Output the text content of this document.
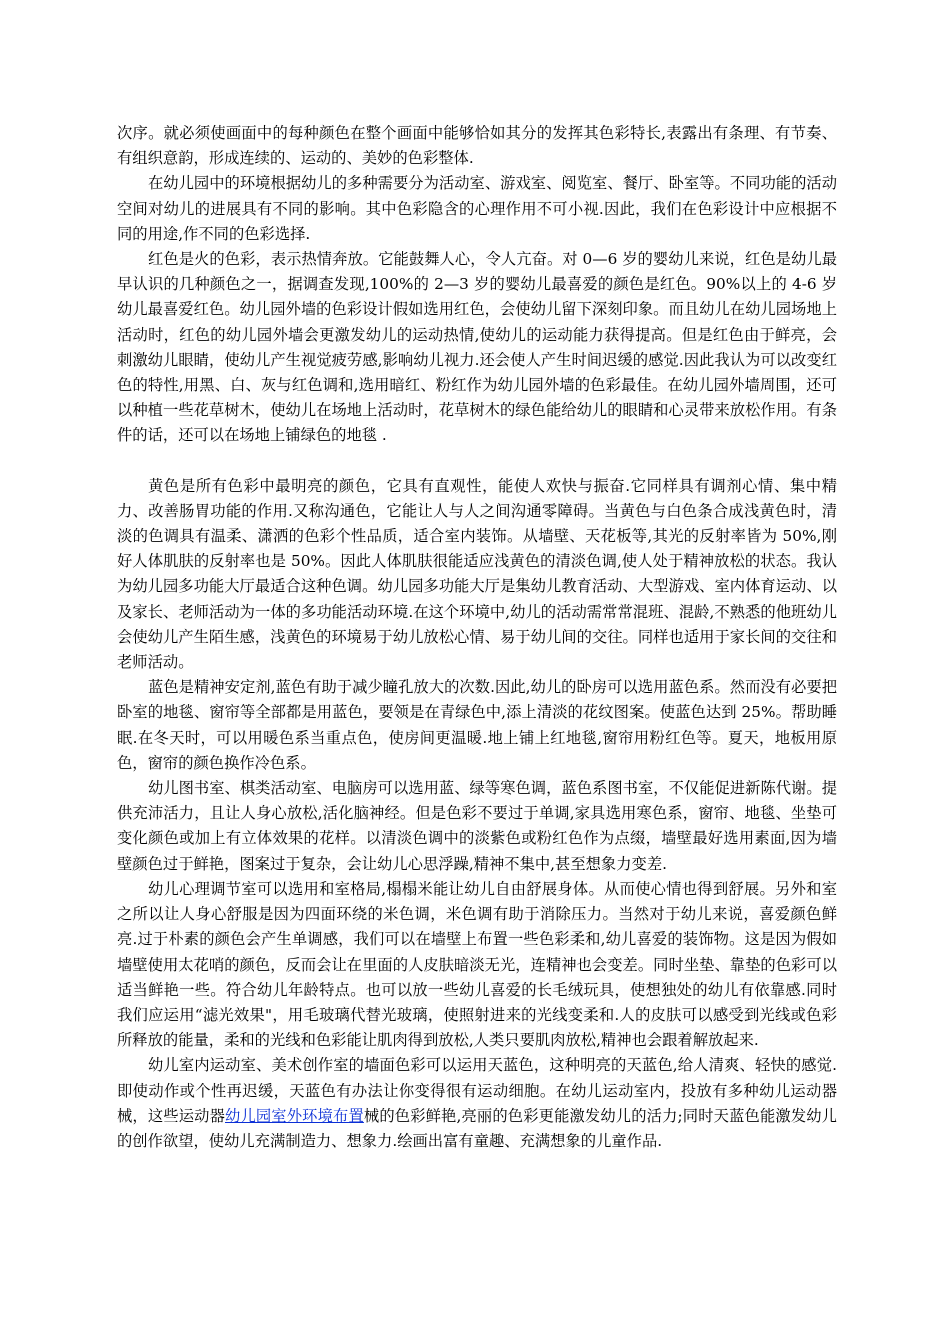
次序。就必须使画面中的每种颜色在整个画面中能够恰如其分的发挥其色彩特长,表露出有条理、有节奏、有组织意韵，形成连续的、运动的、美妙的色彩整体.

在幼儿园中的环境根据幼儿的多种需要分为活动室、游戏室、阅览室、餐厅、卧室等。不同功能的活动空间对幼儿的进展具有不同的影响。其中色彩隐含的心理作用不可小视.因此，我们在色彩设计中应根据不同的用途,作不同的色彩选择.

红色是火的色彩，表示热情奔放。它能鼓舞人心，令人亢奋。对 0—6 岁的婴幼儿来说，红色是幼儿最早认识的几种颜色之一，据调查发现,100%的 2—3 岁的婴幼儿最喜爱的颜色是红色。90%以上的 4-6 岁幼儿最喜爱红色。幼儿园外墙的色彩设计假如选用红色，会使幼儿留下深刻印象。而且幼儿在幼儿园场地上活动时，红色的幼儿园外墙会更激发幼儿的运动热情,使幼儿的运动能力获得提高。但是红色由于鲜亮，会刺激幼儿眼睛，使幼儿产生视觉疲劳感,影响幼儿视力.还会使人产生时间迟缓的感觉.因此我认为可以改变红色的特性,用黑、白、灰与红色调和,选用暗红、粉红作为幼儿园外墙的色彩最佳。在幼儿园外墙周围，还可以种植一些花草树木，使幼儿在场地上活动时，花草树木的绿色能给幼儿的眼睛和心灵带来放松作用。有条件的话，还可以在场地上铺绿色的地毯 .

黄色是所有色彩中最明亮的颜色，它具有直观性，能使人欢快与振奋.它同样具有调剂心情、集中精力、改善肠胃功能的作用.又称沟通色，它能让人与人之间沟通零障碍。当黄色与白色条合成浅黄色时，清淡的色调具有温柔、潇洒的色彩个性品质，适合室内装饰。从墙壁、天花板等,其光的反射率皆为 50%,刚好人体肌肤的反射率也是 50%。因此人体肌肤很能适应浅黄色的清淡色调,使人处于精神放松的状态。我认为幼儿园多功能大厅最适合这种色调。幼儿园多功能大厅是集幼儿教育活动、大型游戏、室内体育运动、以及家长、老师活动为一体的多功能活动环境.在这个环境中,幼儿的活动需常常混班、混龄,不熟悉的他班幼儿会使幼儿产生陌生感，浅黄色的环境易于幼儿放松心情、易于幼儿间的交往。同样也适用于家长间的交往和老师活动。

蓝色是精神安定剂,蓝色有助于减少瞳孔放大的次数.因此,幼儿的卧房可以选用蓝色系。然而没有必要把卧室的地毯、窗帘等全部都是用蓝色，要领是在青绿色中,添上清淡的花纹图案。使蓝色达到 25%。帮助睡眠.在冬天时，可以用暖色系当重点色，使房间更温暖.地上铺上红地毯,窗帘用粉红色等。夏天，地板用原色，窗帘的颜色换作冷色系。

幼儿图书室、棋类活动室、电脑房可以选用蓝、绿等寒色调，蓝色系图书室，不仅能促进新陈代谢。提供充沛活力，且让人身心放松,活化脑神经。但是色彩不要过于单调,家具选用寒色系，窗帘、地毯、坐垫可变化颜色或加上有立体效果的花样。以清淡色调中的淡紫色或粉红色作为点缀，墙壁最好选用素面,因为墙壁颜色过于鲜艳，图案过于复杂，会让幼儿心思浮躁,精神不集中,甚至想象力变差.

幼儿心理调节室可以选用和室格局,榻榻米能让幼儿自由舒展身体。从而使心情也得到舒展。另外和室之所以让人身心舒服是因为四面环绕的米色调，米色调有助于消除压力。当然对于幼儿来说，喜爱颜色鲜亮.过于朴素的颜色会产生单调感，我们可以在墙壁上布置一些色彩柔和,幼儿喜爱的装饰物。这是因为假如墙壁使用太花哨的颜色，反而会让在里面的人皮肤暗淡无光，连精神也会变差。同时坐垫、靠垫的色彩可以适当鲜艳一些。符合幼儿年龄特点。也可以放一些幼儿喜爱的长毛绒玩具，使想独处的幼儿有依靠感.同时我们应运用“滤光效果"，用毛玻璃代替光玻璃，使照射进来的光线变柔和.人的皮肤可以感受到光线或色彩所释放的能量，柔和的光线和色彩能让肌肉得到放松,人类只要肌肉放松,精神也会跟着解放起来.

幼儿室内运动室、美术创作室的墙面色彩可以运用天蓝色，这种明亮的天蓝色,给人清爽、轻快的感觉.即使动作或个性再迟缓，天蓝色有办法让你变得很有运动细胞。在幼儿运动室内，投放有多种幼儿运动器械，这些运动器幼儿园室外环境布置械的色彩鲜艳,亮丽的色彩更能激发幼儿的活力;同时天蓝色能激发幼儿的创作欲望，使幼儿充满制造力、想象力.绘画出富有童趣、充满想象的儿童作品.
